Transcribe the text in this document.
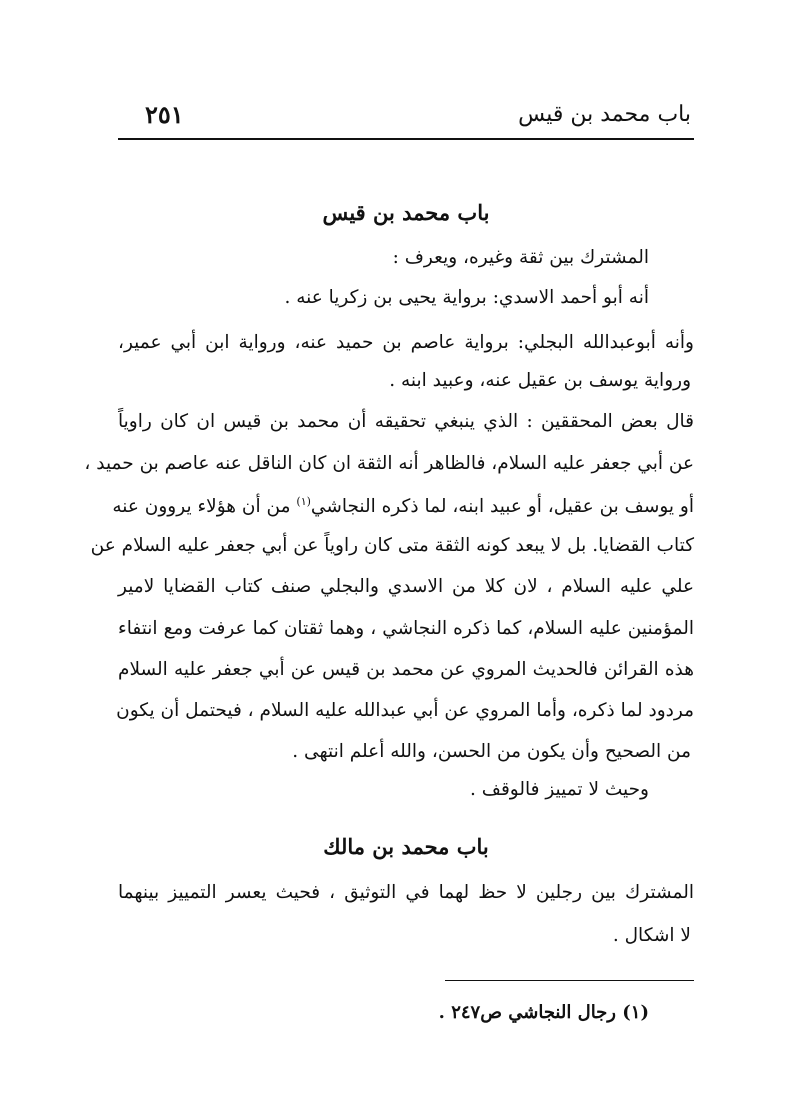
باب محمد بن قيس
٢٥١
باب محمد بن قيس
المشترك بين ثقة وغيره، ويعرف :
أنه أبو أحمد الاسدي: برواية يحيى بن زكريا عنه .
وأنه أبوعبدالله البجلي: برواية عاصم بن حميد عنه، ورواية ابن أبي عمير،
ورواية يوسف بن عقيل عنه، وعبيد ابنه .
قال بعض المحققين : الذي ينبغي تحقيقه أن محمد بن قيس ان كان راوياً
عن أبي جعفر عليه السلام، فالظاهر أنه الثقة ان كان الناقل عنه عاصم بن حميد ،
أو يوسف بن عقيل، أو عبيد ابنه، لما ذكره النجاشي$^{(١)}$ من أن هؤلاء يروون عنه
كتاب القضايا. بل لا يبعد كونه الثقة متى كان راوياً عن أبي جعفر عليه السلام عن
علي عليه السلام ، لان كلا من الاسدي والبجلي صنف كتاب القضايا لامير
المؤمنين عليه السلام، كما ذكره النجاشي ، وهما ثقتان كما عرفت ومع انتفاء
هذه القرائن فالحديث المروي عن محمد بن قيس عن أبي جعفر عليه السلام
مردود لما ذكره، وأما المروي عن أبي عبدالله عليه السلام ، فيحتمل أن يكون
من الصحيح وأن يكون من الحسن، والله أعلم انتهى .
وحيث لا تمييز فالوقف .
باب محمد بن مالك
المشترك بين رجلين لا حظ لهما في التوثيق ، فحيث يعسر التمييز بينهما
لا اشكال .
(١) رجال النجاشي ص٢٤٧ .
